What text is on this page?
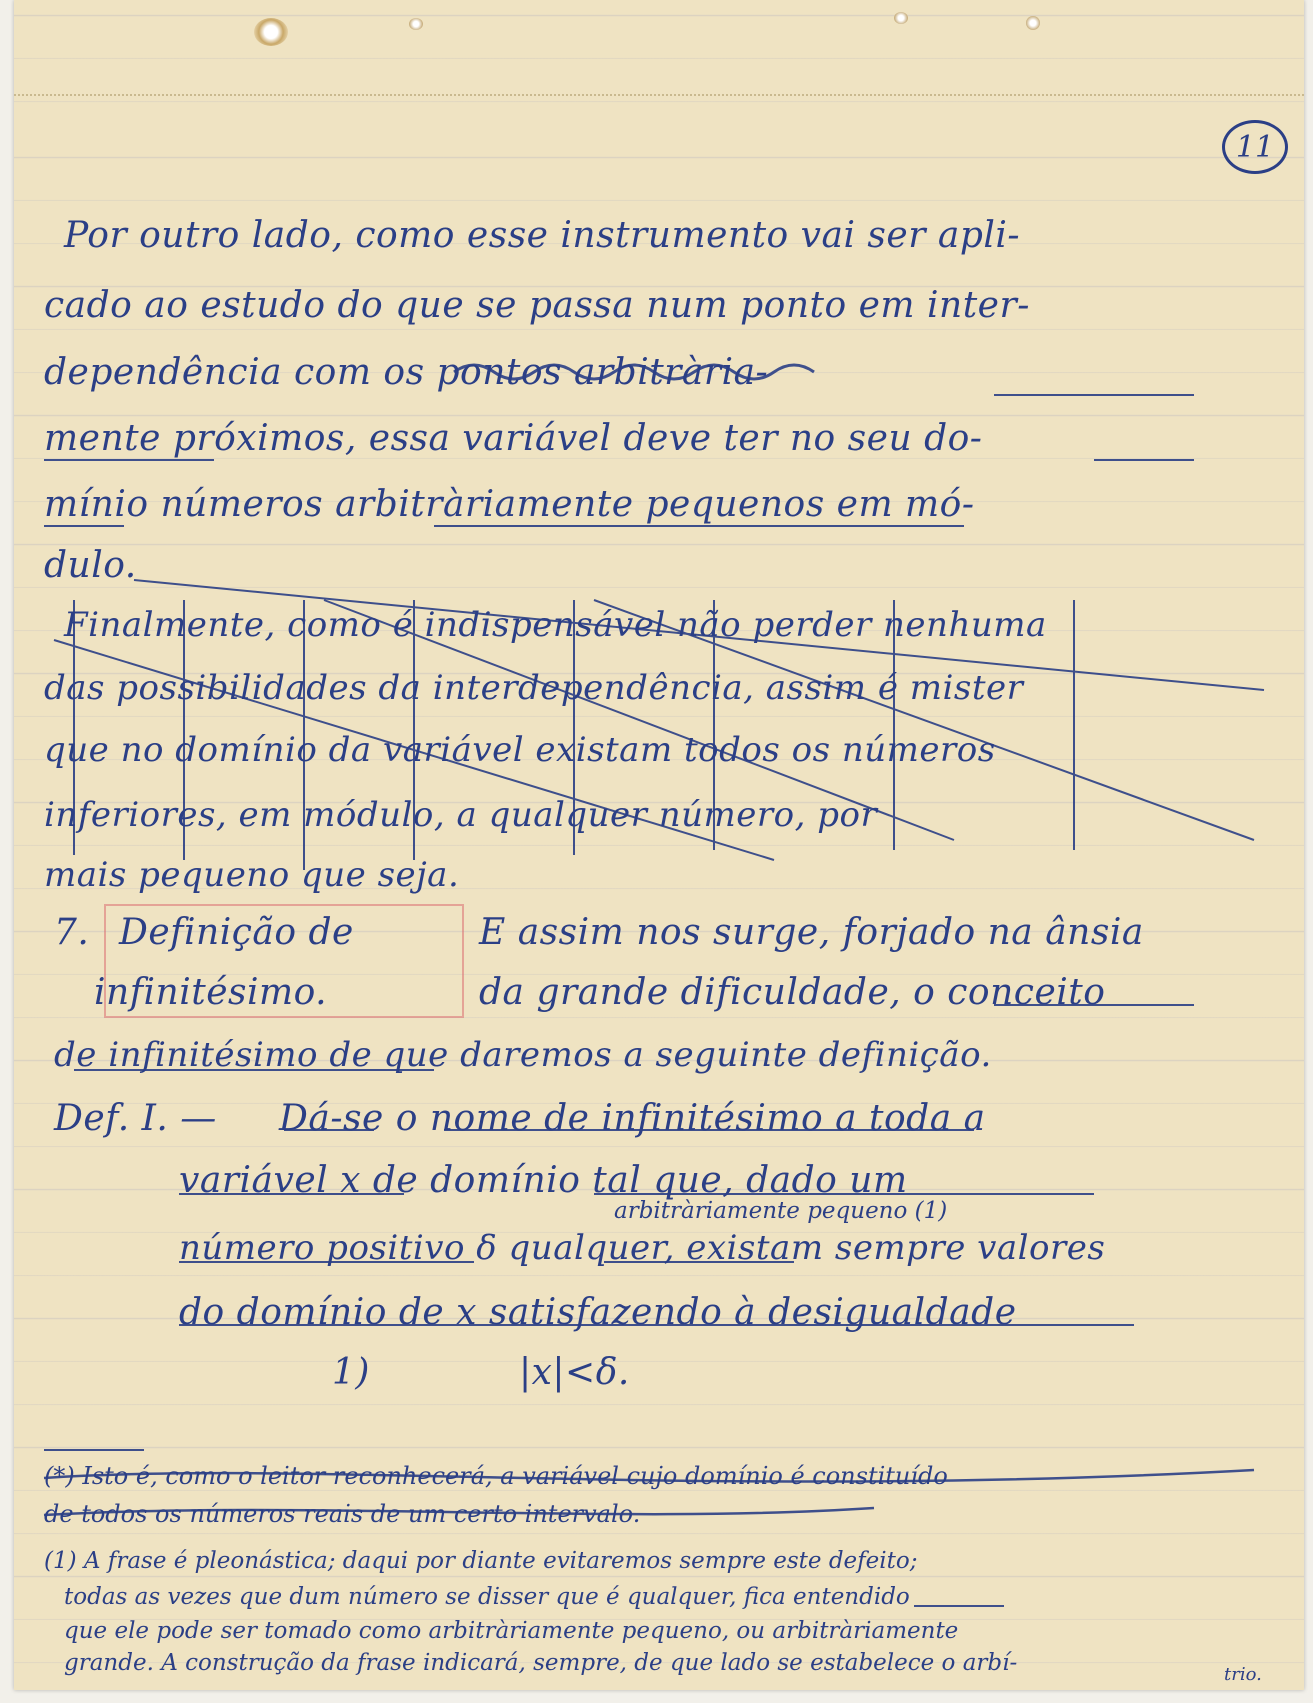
11
Por outro lado, como esse instrumento vai ser apli-
cado ao estudo do que se passa num ponto em inter-
dependência com os pontos arbitrària-
mente próximos, essa variável deve ter no seu do-
mínio números arbitràriamente pequenos em mó-
dulo.
Finalmente, como é indispensável não perder nenhuma
das possibilidades da interdependência, assim é mister
que no domínio da variável existam todos os números
inferiores, em módulo, a qualquer número, por
mais pequeno que seja.
7. Definição de
infinitésimo.
E assim nos surge, forjado na ânsia
da grande dificuldade, o conceito
de infinitésimo de que daremos a seguinte definição.
Def. I. — Dá-se o nome de infinitésimo a toda a
variável x de domínio tal que, dado um
arbitràriamente pequeno (1)
número positivo δ qualquer, existam sempre valores
do domínio de x satisfazendo à desigualdade
1)	|x|<δ.
(*) Isto é, como o leitor reconhecerá, a variável cujo domínio é constituído
de todos os números reais de um certo intervalo.
(1) A frase é pleonástica; daqui por diante evitaremos sempre este defeito;
todas as vezes que dum número se disser que é qualquer, fica entendido
que ele pode ser tomado como arbitràriamente pequeno, ou arbitràriamente
grande. A construção da frase indicará, sempre, de que lado se estabelece o arbí-	trio.
